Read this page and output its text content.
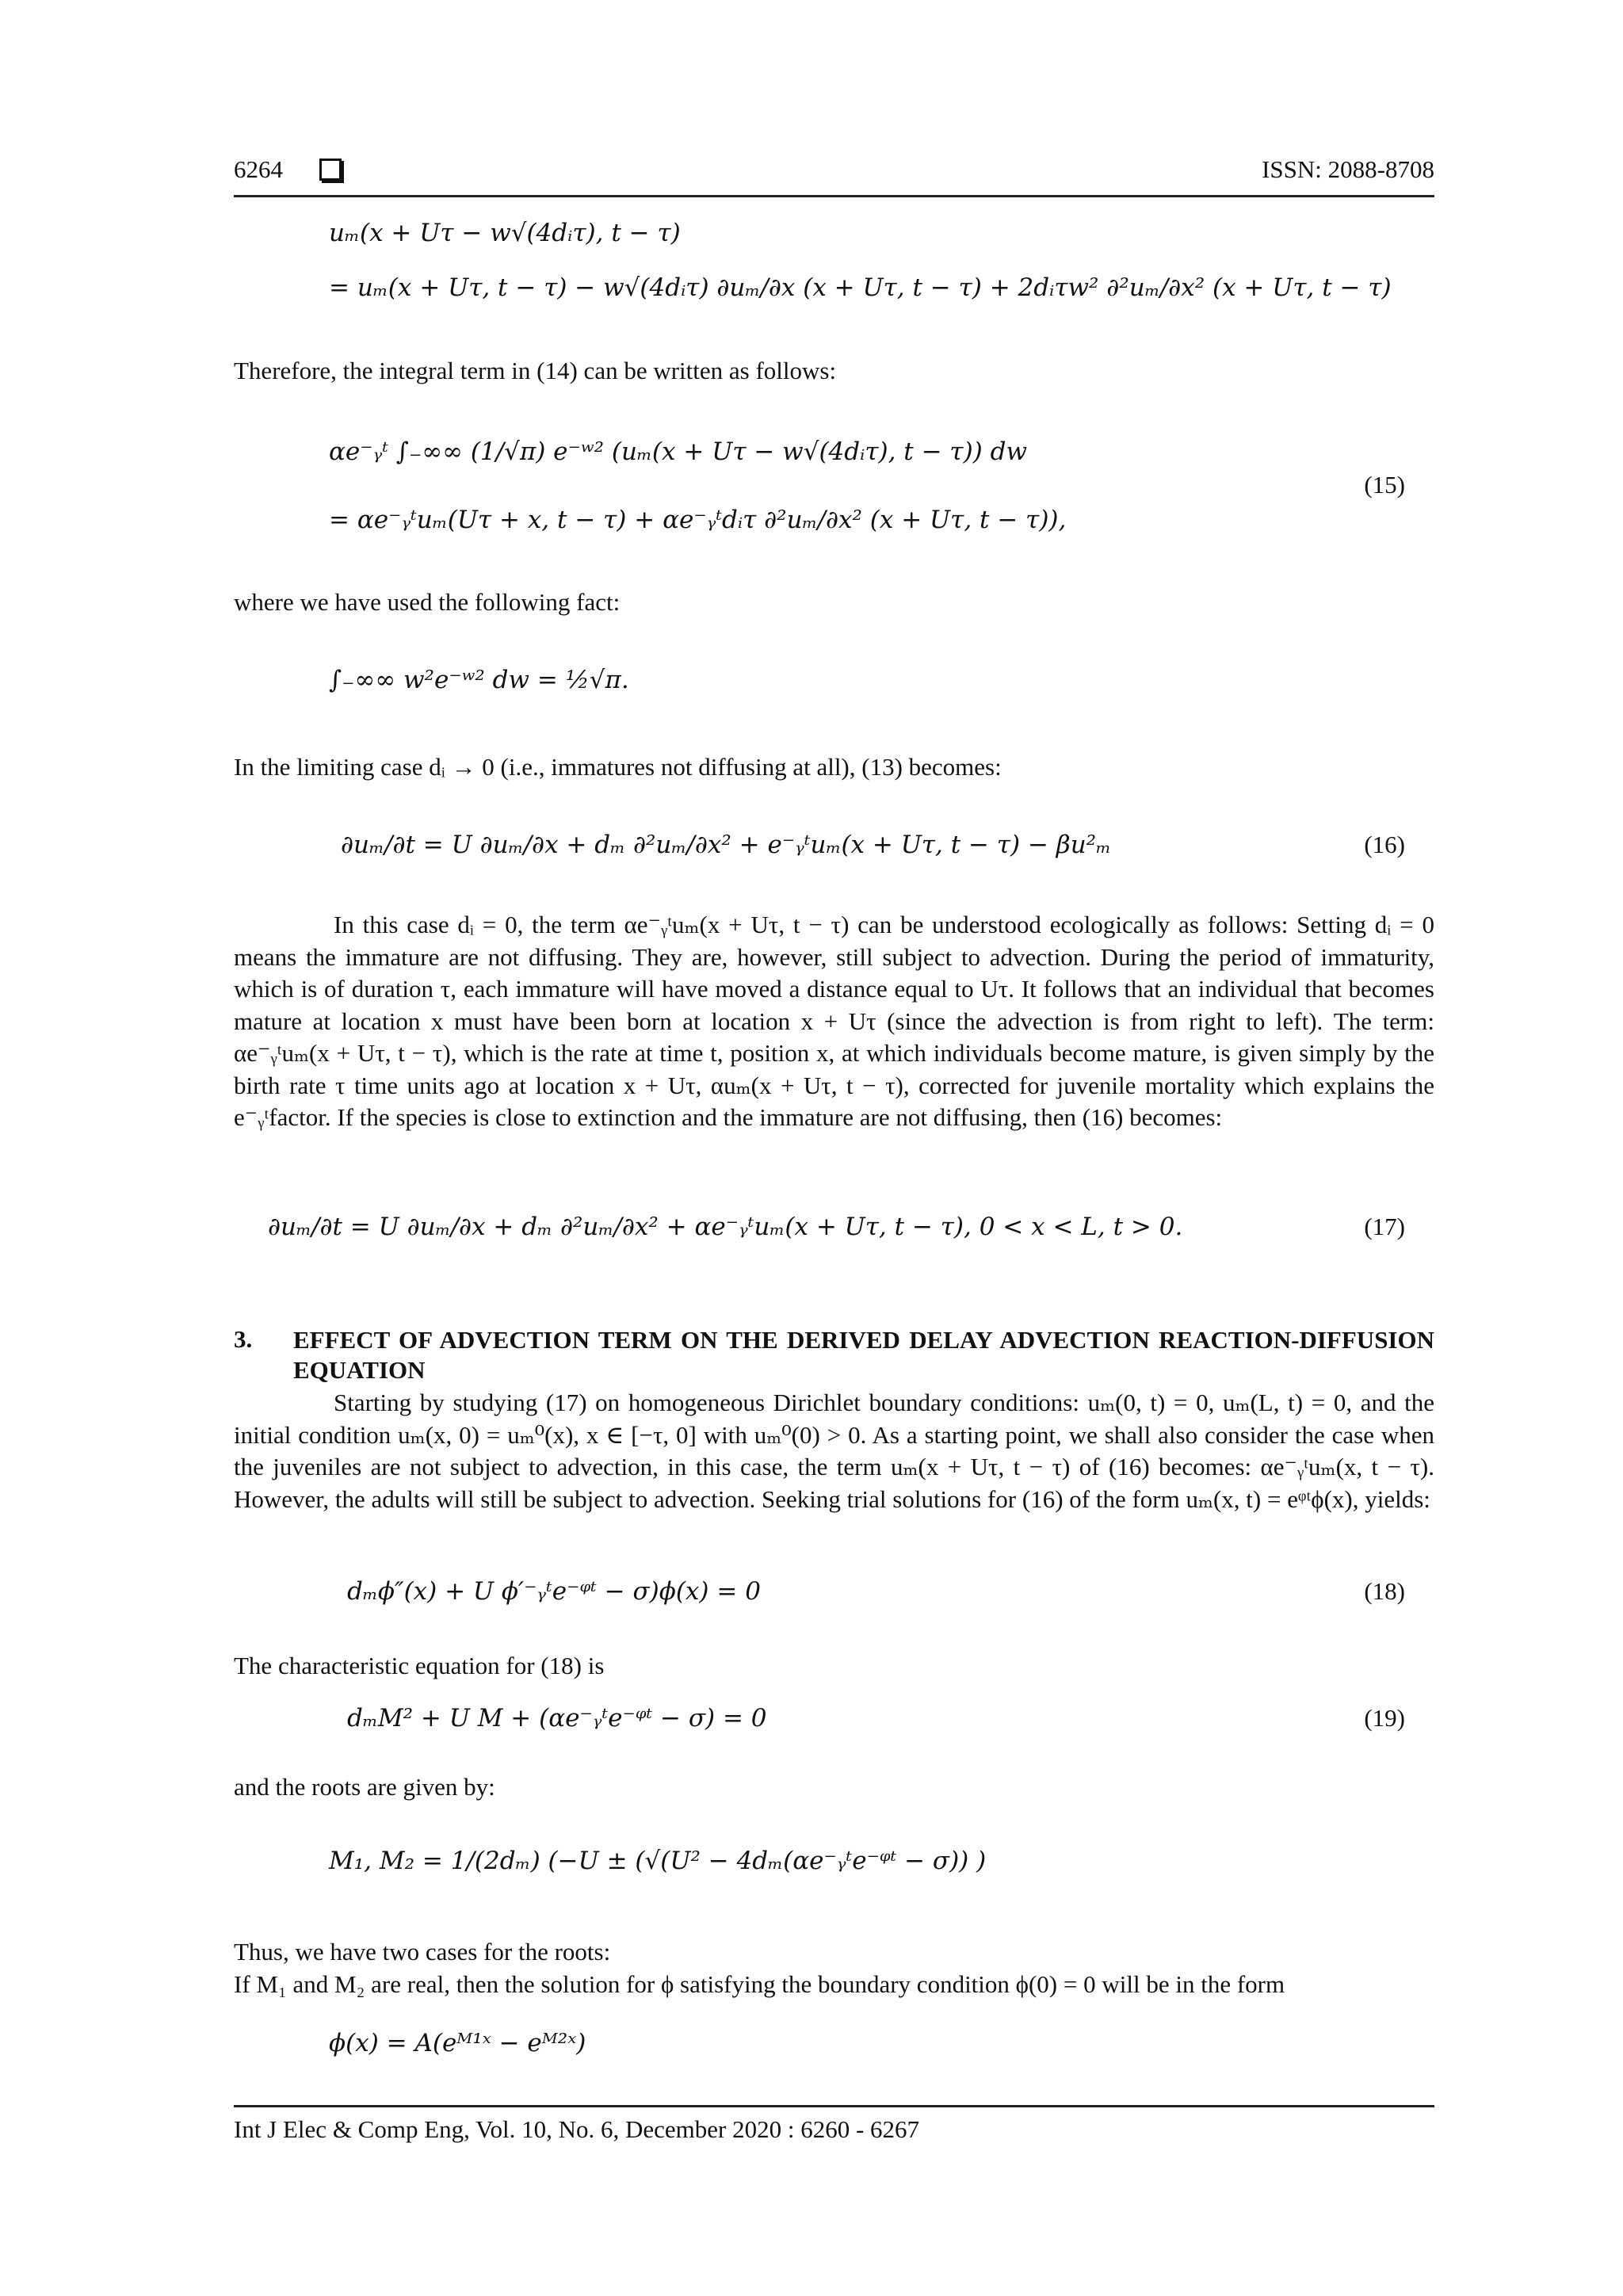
6264	ISSN: 2088-8708
uₘ(x + Uτ − w√(4dᵢτ), t − τ)
= uₘ(x + Uτ, t − τ) − w√(4dᵢτ) ∂uₘ/∂x (x + Uτ, t − τ) + 2dᵢτw² ∂²uₘ/∂x² (x + Uτ, t − τ)

Therefore, the integral term in (14) can be written as follows:

αe⁻ᵧᵗ ∫₋∞∞ (1/√π) e⁻ʷ² (uₘ(x + Uτ − w√(4dᵢτ), t − τ)) dw
= αe⁻ᵧᵗuₘ(Uτ + x, t − τ) + αe⁻ᵧᵗdᵢτ ∂²uₘ/∂x² (x + Uτ, t − τ)),
(15)

where we have used the following fact:

∫₋∞∞ w²e⁻ʷ² dw = ½√π.

In the limiting case dᵢ → 0 (i.e., immatures not diffusing at all), (13) becomes:

∂uₘ/∂t = U ∂uₘ/∂x + dₘ ∂²uₘ/∂x² + e⁻ᵧᵗuₘ(x + Uτ, t − τ) − βu²ₘ	(16)

In this case dᵢ = 0, the term αe⁻ᵧᵗuₘ(x + Uτ, t − τ) can be understood ecologically as follows: Setting dᵢ = 0 means the immature are not diffusing. They are, however, still subject to advection. During the period of immaturity, which is of duration τ, each immature will have moved a distance equal to Uτ. It follows that an individual that becomes mature at location x must have been born at location x + Uτ (since the advection is from right to left). The term: αe⁻ᵧᵗuₘ(x + Uτ, t − τ), which is the rate at time t, position x, at which individuals become mature, is given simply by the birth rate τ time units ago at location x + Uτ, αuₘ(x + Uτ, t − τ), corrected for juvenile mortality which explains the e⁻ᵧᵗfactor. If the species is close to extinction and the immature are not diffusing, then (16) becomes:

∂uₘ/∂t = U ∂uₘ/∂x + dₘ ∂²uₘ/∂x² + αe⁻ᵧᵗuₘ(x + Uτ, t − τ), 0 < x < L, t > 0.	(17)
3. EFFECT OF ADVECTION TERM ON THE DERIVED DELAY ADVECTION REACTION-DIFFUSION EQUATION

Starting by studying (17) on homogeneous Dirichlet boundary conditions: uₘ(0, t) = 0, uₘ(L, t) = 0, and the initial condition uₘ(x, 0) = uₘ⁰(x), x ∈ [−τ, 0] with uₘ⁰(0) > 0. As a starting point, we shall also consider the case when the juveniles are not subject to advection, in this case, the term uₘ(x + Uτ, t − τ) of (16) becomes: αe⁻ᵧᵗuₘ(x, t − τ). However, the adults will still be subject to advection. Seeking trial solutions for (16) of the form uₘ(x, t) = eᵠᵗϕ(x), yields:

dₘϕ″(x) + U ϕ′⁻ᵧᵗe⁻ᵠᵗ − σ)ϕ(x) = 0	(18)

The characteristic equation for (18) is

dₘM² + U M + (αe⁻ᵧᵗe⁻ᵠᵗ − σ) = 0	(19)

and the roots are given by:

M₁, M₂ = 1/(2dₘ) (−U ± (√(U² − 4dₘ(αe⁻ᵧᵗe⁻ᵠᵗ − σ)) )

Thus, we have two cases for the roots:

If M₁ and M₂ are real, then the solution for ϕ satisfying the boundary condition ϕ(0) = 0 will be in the form

ϕ(x) = A(eᴹ¹ˣ − eᴹ²ˣ)
Int J Elec & Comp Eng, Vol. 10, No. 6, December 2020 : 6260 - 6267
